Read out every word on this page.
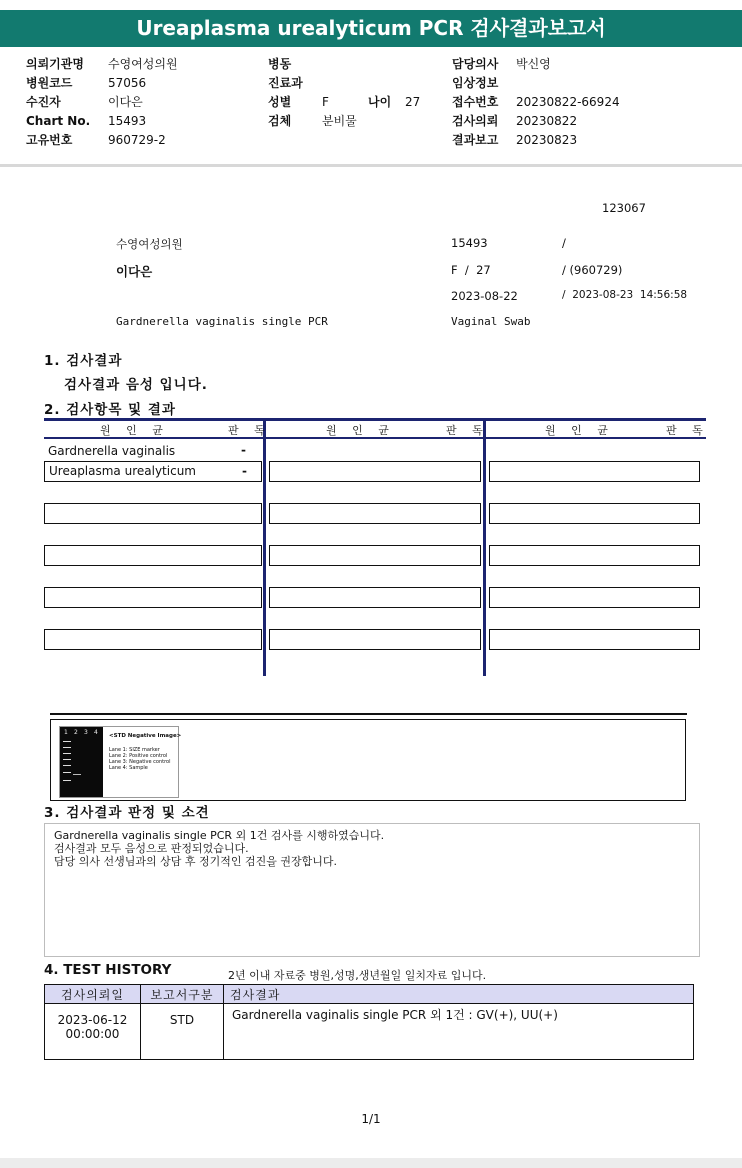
Ureaplasma urealyticum PCR 검사결과보고서
의뢰기관명 수영여성의원
병원코드	57056
수진자	이다은
Chart No. 15493
고유번호	960729-2
병동
진료과
성별	F	나이 27
검체	분비물
담당의사 박신영
임상정보
접수번호 20230822-66924
검사의뢰 20230822
결과보고 20230823
123067
수영여성의원	15493	/
이다은	F  /  27	/ (960729)
2023-08-22	/  2023-08-23  14:56:58
Gardnerella vaginalis single PCR	Vaginal Swab
1. 검사결과
검사결과 음성 입니다.
2. 검사항목 및 결과
원 인 균	판 독	원 인 균	판 독	원 인 균	판 독
Gardnerella vaginalis	-
Ureaplasma urealyticum	-
1 2 3 4 <STD Negative Image>
Lane 1: SIZE marker
Lane 2: Positive control
Lane 3: Negative control
Lane 4: Sample
3. 검사결과 판정 및 소견
Gardnerella vaginalis single PCR 외 1건 검사를 시행하였습니다.
검사결과 모두 음성으로 판정되었습니다.
담당 의사 선생님과의 상담 후 정기적인 검진을 권장합니다.
4. TEST HISTORY	2년 이내 자료중 병원,성명,생년월일 일치자료 입니다.
검사의뢰일	보고서구분	검사결과

2023-06-12
00:00:00	STD	Gardnerella vaginalis single PCR 외 1건 : GV(+), UU(+)
1/1
